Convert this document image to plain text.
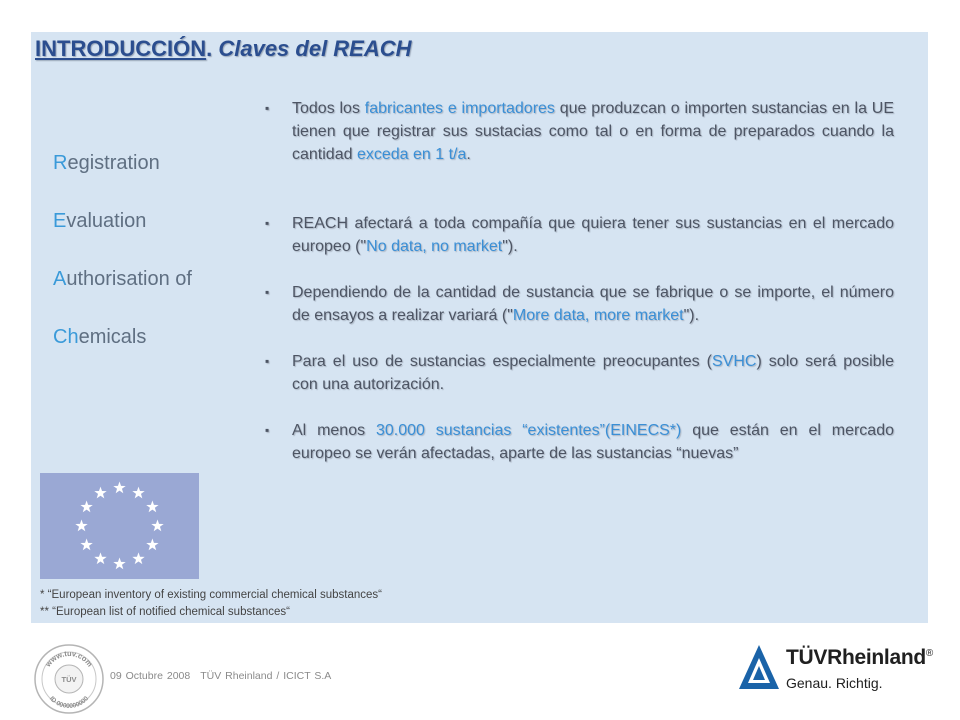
INTRODUCCIÓN. Claves del REACH
Registration
Evaluation
Authorisation of
Chemicals
▪ Todos los fabricantes e importadores que produzcan o importen sustancias en la UE tienen que registrar sus sustacias como tal o en forma de preparados cuando la cantidad exceda en 1 t/a.
▪ REACH afectará a toda compañía que quiera tener sus sustancias en el mercado europeo ("No data, no market").
▪ Dependiendo de la cantidad de sustancia que se fabrique o se importe, el número de ensayos a realizar variará ("More data, more market").
▪ Para el uso de sustancias especialmente preocupantes (SVHC) solo será posible con una autorización.
▪ Al menos 30.000 sustancias “existentes”(EINECS*) que están en el mercado europeo se verán afectadas, aparte de las sustancias “nuevas”
* “European inventory of existing commercial chemical substances“
** “European list of notified chemical substances“
www.tuv.com
ID 0000000000
TÜV	09 Octubre 2008 TÜV Rheinland / ICICT S.A
TÜVRheinland®
Genau. Richtig.
